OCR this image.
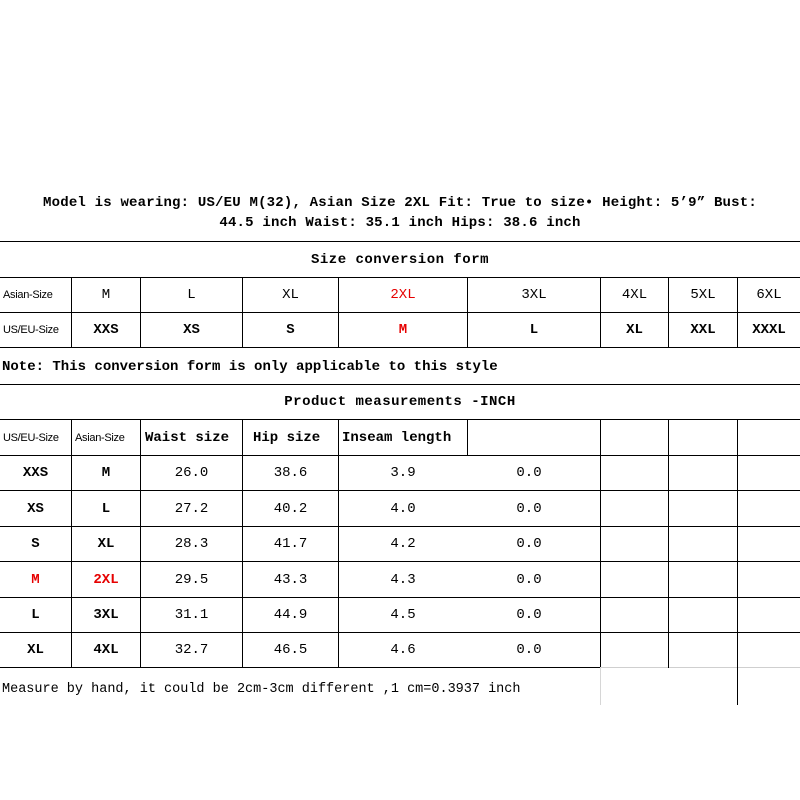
Model is wearing: US/EU M(32), Asian Size 2XL Fit: True to size• Height: 5’9” Bust:
44.5 inch Waist: 35.1 inch Hips: 38.6 inch
Size conversion form
Asian-Size	M	L	XL	2XL	3XL	4XL	5XL	6XL
US/EU-Size	XXS	XS	S	M	L	XL	XXL	XXXL
Note: This conversion form is only applicable to this style
Product measurements -INCH
US/EU-Size	Asian-Size	Waist size	Hip size	Inseam length
XXS	M	26.0	38.6	3.9	0.0
XS	L	27.2	40.2	4.0	0.0
S	XL	28.3	41.7	4.2	0.0
M	2XL	29.5	43.3	4.3	0.0
L	3XL	31.1	44.9	4.5	0.0
XL	4XL	32.7	46.5	4.6	0.0
Measure by hand, it could be 2cm-3cm different ,1 cm=0.3937 inch
